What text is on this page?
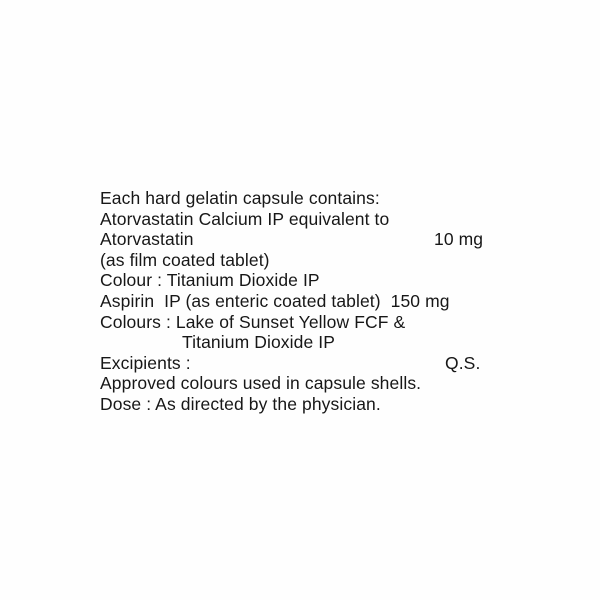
Each hard gelatin capsule contains:
Atorvastatin Calcium IP equivalent to
Atorvastatin	10 mg
(as film coated tablet)
Colour : Titanium Dioxide IP
Aspirin  IP (as enteric coated tablet)  150 mg
Colours : Lake of Sunset Yellow FCF &
Titanium Dioxide IP
Excipients :	Q.S.
Approved colours used in capsule shells.
Dose : As directed by the physician.
